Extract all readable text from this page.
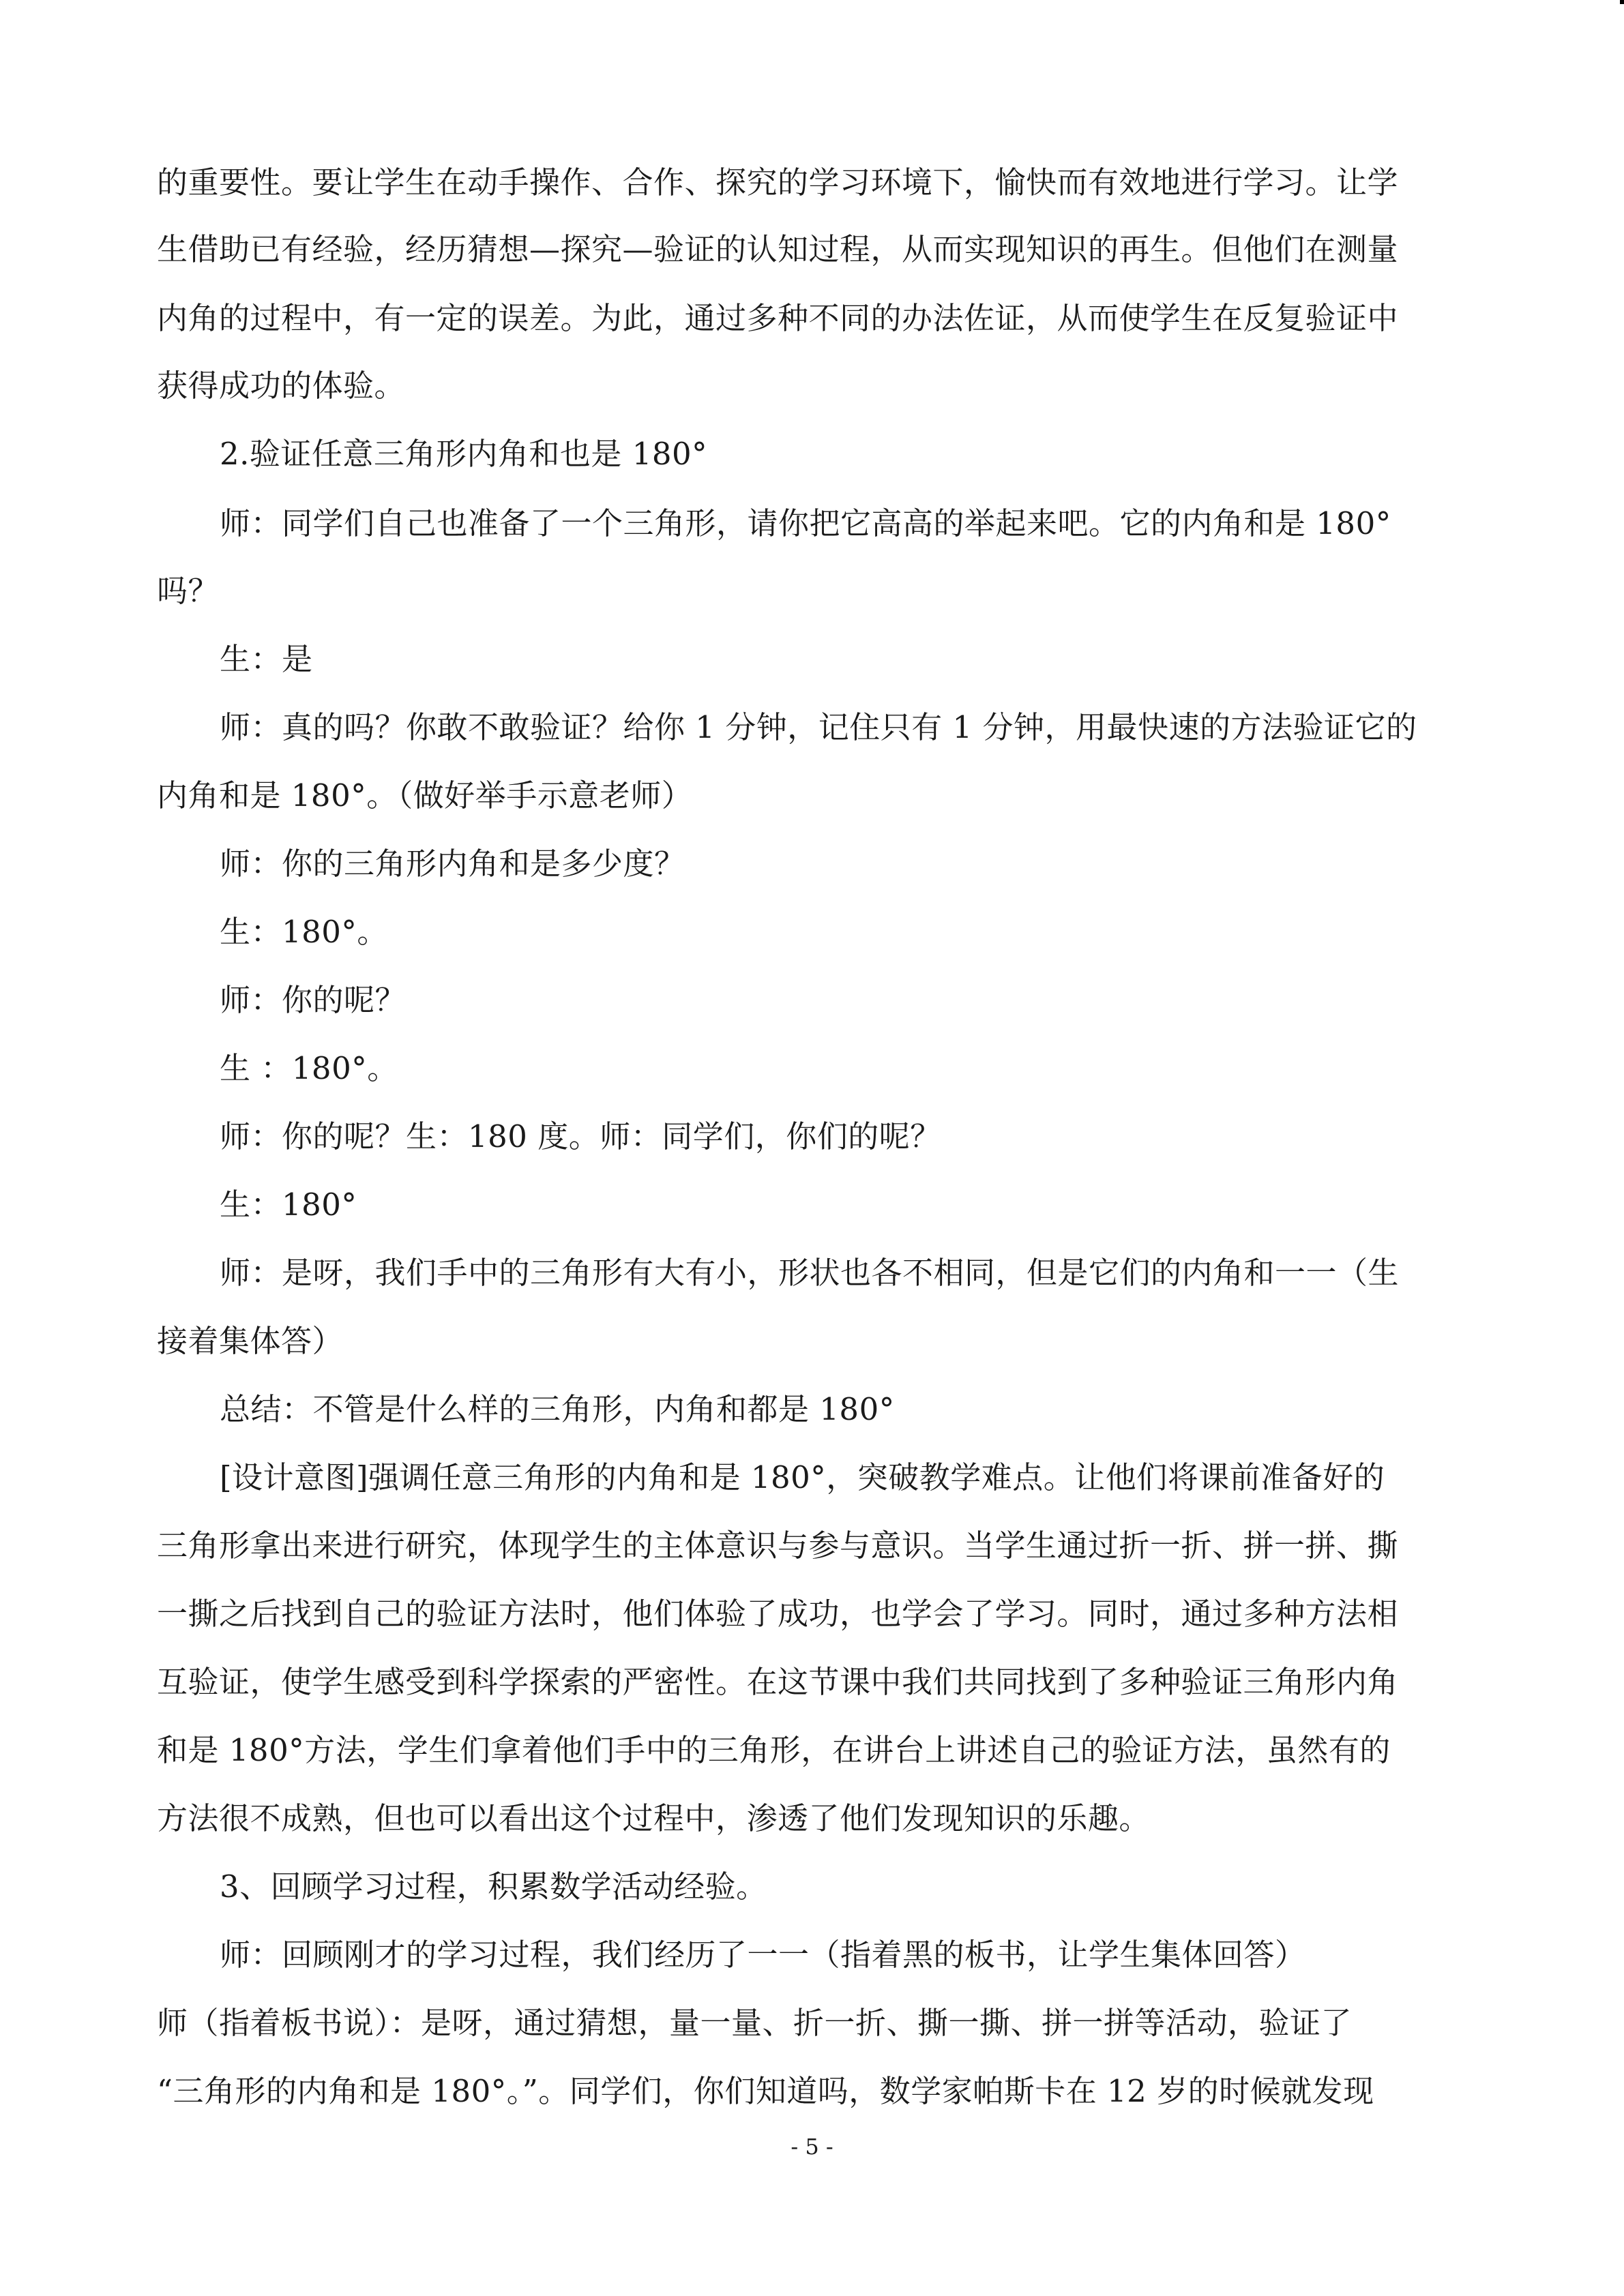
的重要性。要让学生在动手操作、合作、探究的学习环境下，愉快而有效地进行学习。让学
生借助已有经验，经历猜想—探究—验证的认知过程，从而实现知识的再生。但他们在测量
内角的过程中，有一定的误差。为此，通过多种不同的办法佐证，从而使学生在反复验证中
获得成功的体验。
2.验证任意三角形内角和也是 180°
师：同学们自己也准备了一个三角形，请你把它高高的举起来吧。它的内角和是 180°
吗？
生：是
师：真的吗？你敢不敢验证？给你 1 分钟，记住只有 1 分钟，用最快速的方法验证它的
内角和是 180°。（做好举手示意老师）
师：你的三角形内角和是多少度？
生：180°。
师：你的呢？
生 ：180°。
师：你的呢？生：180 度。师：同学们，你们的呢？
生：180°
师：是呀，我们手中的三角形有大有小，形状也各不相同，但是它们的内角和一一（生
接着集体答）
总结：不管是什么样的三角形，内角和都是 180°
[设计意图]强调任意三角形的内角和是 180°，突破教学难点。让他们将课前准备好的
三角形拿出来进行研究，体现学生的主体意识与参与意识。当学生通过折一折、拼一拼、撕
一撕之后找到自己的验证方法时，他们体验了成功，也学会了学习。同时，通过多种方法相
互验证，使学生感受到科学探索的严密性。在这节课中我们共同找到了多种验证三角形内角
和是 180°方法，学生们拿着他们手中的三角形，在讲台上讲述自己的验证方法，虽然有的
方法很不成熟，但也可以看出这个过程中，渗透了他们发现知识的乐趣。
3、回顾学习过程，积累数学活动经验。
师：回顾刚才的学习过程，我们经历了一一（指着黑的板书，让学生集体回答）
师（指着板书说）：是呀，通过猜想，量一量、折一折、撕一撕、拼一拼等活动，验证了
“三角形的内角和是 180°。”。同学们，你们知道吗，数学家帕斯卡在 12 岁的时候就发现
- 5 -
